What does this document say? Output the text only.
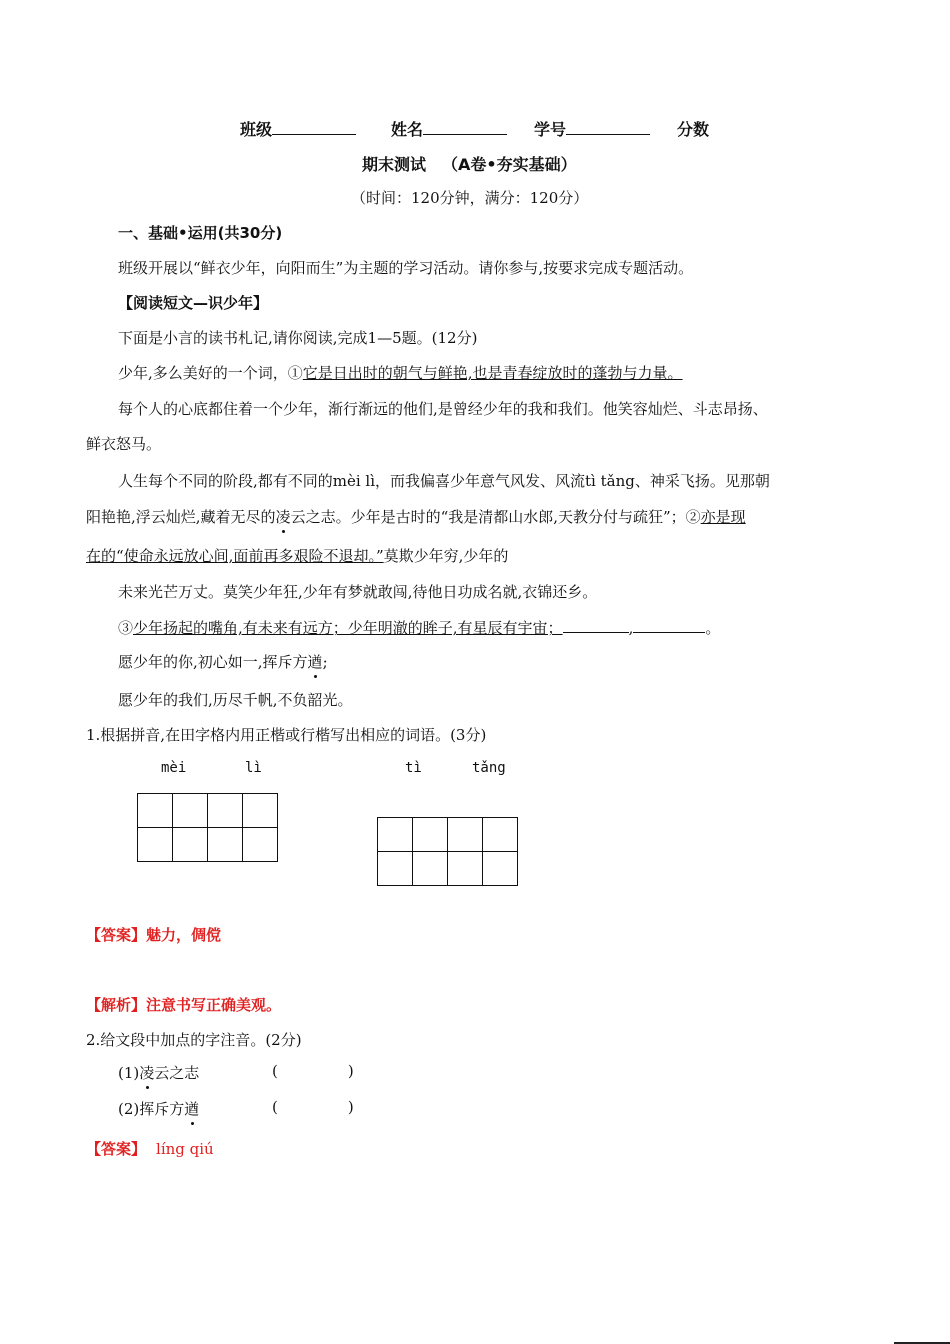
班级	姓名	学号	分数
期末测试 （A卷•夯实基础）
（时间：120分钟，满分：120分）
一、基础•运用(共30分)
班级开展以“鲜衣少年，向阳而生”为主题的学习活动。请你参与,按要求完成专题活动。
【阅读短文—识少年】
下面是小言的读书札记,请你阅读,完成1—5题。(12分)
少年,多么美好的一个词，①它是日出时的朝气与鲜艳,也是青春绽放时的蓬勃与力量。
每个人的心底都住着一个少年，渐行渐远的他们,是曾经少年的我和我们。他笑容灿烂、斗志昂扬、
鲜衣怒马。
人生每个不同的阶段,都有不同的mèi lì，而我偏喜少年意气风发、风流tì tǎng、神采飞扬。见那朝
阳艳艳,浮云灿烂,藏着无尽的凌云之志。少年是古时的“我是清都山水郎,天教分付与疏狂”；②亦是现
在的“使命永远放心间,面前再多艰险不退却。”莫欺少年穷,少年的
未来光芒万丈。莫笑少年狂,少年有梦就敢闯,待他日功成名就,衣锦还乡。
③少年扬起的嘴角,有未来有远方；少年明澈的眸子,有星辰有宇宙；	,	。
愿少年的你,初心如一,挥斥方遒;
愿少年的我们,历尽千帆,不负韶光。
1.根据拼音,在田字格内用正楷或行楷写出相应的词语。(3分)
mèi	lì	tì	tǎng

【答案】魅力，倜傥
【解析】注意书写正确美观。
2.给文段中加点的字注音。(2分)
(1)凌云之志	(	)
(2)挥斥方遒	(	)
【答案】 líng qiú
